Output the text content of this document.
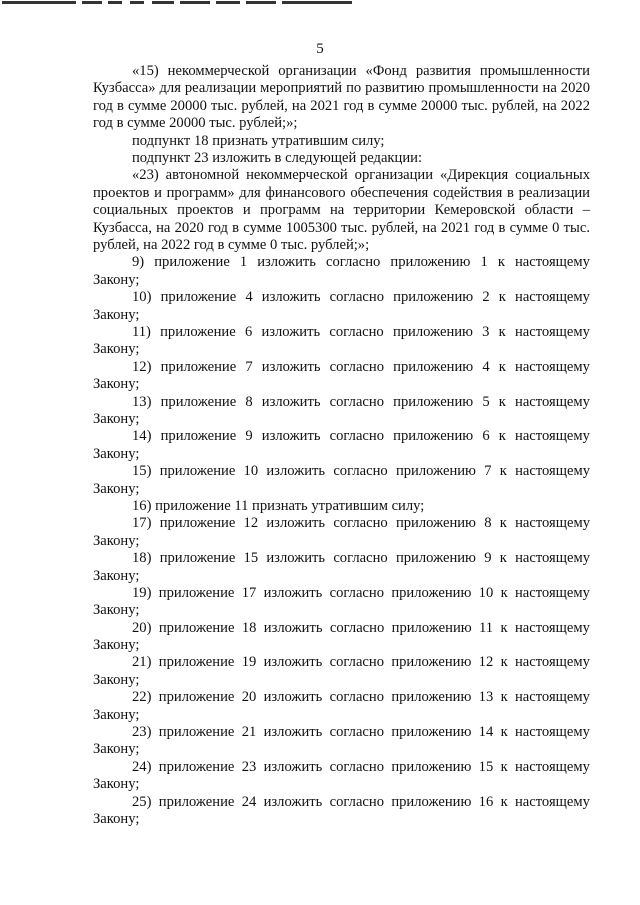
5

«15) некоммерческой организации «Фонд развития промышленности Кузбасса» для реализации мероприятий по развитию промышленности на 2020 год в сумме 20000 тыс. рублей, на 2021 год в сумме 20000 тыс. рублей, на 2022 год в сумме 20000 тыс. рублей;»;

подпункт 18 признать утратившим силу;

подпункт 23 изложить в следующей редакции:

«23) автономной некоммерческой организации «Дирекция социальных проектов и программ» для финансового обеспечения содействия в реализации социальных проектов и программ на территории Кемеровской области – Кузбасса, на 2020 год в сумме 1005300 тыс. рублей, на 2021 год в сумме 0 тыс. рублей, на 2022 год в сумме 0 тыс. рублей;»;

9) приложение 1 изложить согласно приложению 1 к настоящему
Закону;
10) приложение 4 изложить согласно приложению 2 к настоящему
Закону;
11) приложение 6 изложить согласно приложению 3 к настоящему
Закону;
12) приложение 7 изложить согласно приложению 4 к настоящему
Закону;
13) приложение 8 изложить согласно приложению 5 к настоящему
Закону;
14) приложение 9 изложить согласно приложению 6 к настоящему
Закону;
15) приложение 10 изложить согласно приложению 7 к настоящему
Закону;

16) приложение 11 признать утратившим силу;

17) приложение 12 изложить согласно приложению 8 к настоящему
Закону;
18) приложение 15 изложить согласно приложению 9 к настоящему
Закону;
19) приложение 17 изложить согласно приложению 10 к настоящему
Закону;
20) приложение 18 изложить согласно приложению 11 к настоящему
Закону;
21) приложение 19 изложить согласно приложению 12 к настоящему
Закону;
22) приложение 20 изложить согласно приложению 13 к настоящему
Закону;
23) приложение 21 изложить согласно приложению 14 к настоящему
Закону;
24) приложение 23 изложить согласно приложению 15 к настоящему
Закону;
25) приложение 24 изложить согласно приложению 16 к настоящему
Закону;
